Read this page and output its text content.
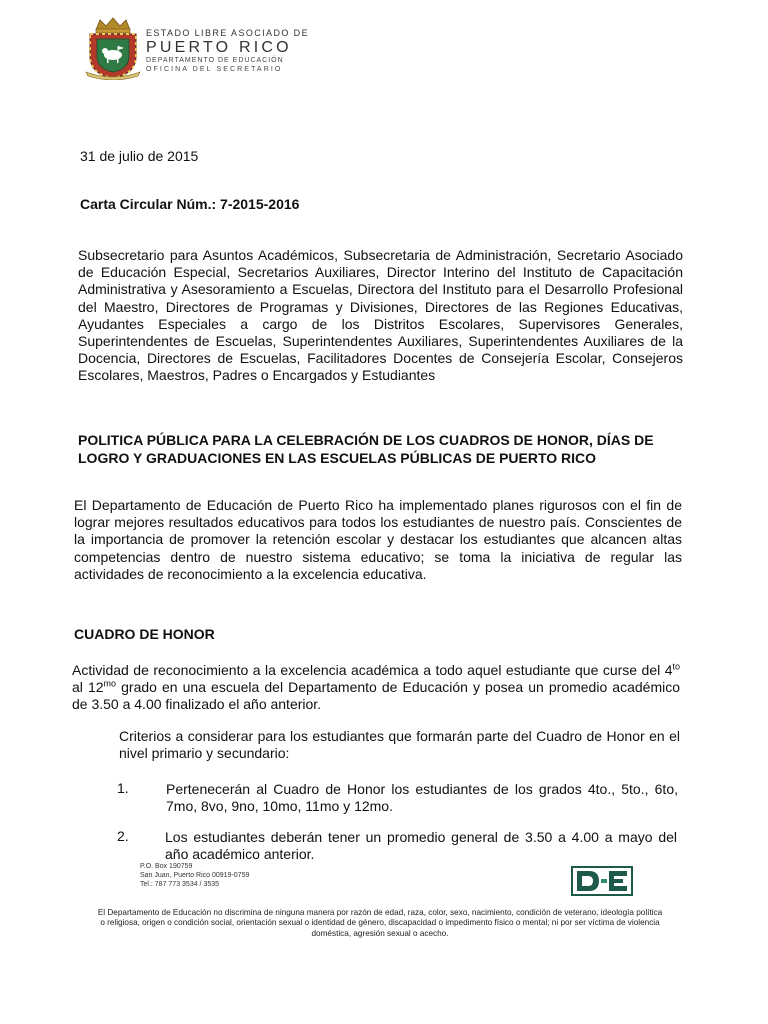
ESTADO LIBRE ASOCIADO DE
PUERTO RICO
DEPARTAMENTO DE EDUCACIÓN
OFICINA DEL SECRETARIO
31 de julio de 2015
Carta Circular Núm.: 7-2015-2016
Subsecretario para Asuntos Académicos, Subsecretaria de Administración, Secretario Asociado de Educación Especial, Secretarios Auxiliares, Director Interino del Instituto de Capacitación Administrativa y Asesoramiento a Escuelas, Directora del Instituto para el Desarrollo Profesional del Maestro, Directores de Programas y Divisiones, Directores de las Regiones Educativas, Ayudantes Especiales a cargo de los Distritos Escolares, Supervisores Generales, Superintendentes de Escuelas, Superintendentes Auxiliares, Superintendentes Auxiliares de la Docencia, Directores de Escuelas, Facilitadores Docentes de Consejería Escolar, Consejeros Escolares, Maestros, Padres o Encargados y Estudiantes
POLITICA PÚBLICA PARA LA CELEBRACIÓN DE LOS CUADROS DE HONOR, DÍAS DE LOGRO Y GRADUACIONES EN LAS ESCUELAS PÚBLICAS DE PUERTO RICO
El Departamento de Educación de Puerto Rico ha implementado planes rigurosos con el fin de lograr mejores resultados educativos para todos los estudiantes de nuestro país. Conscientes de la importancia de promover la retención escolar y destacar los estudiantes que alcancen altas competencias dentro de nuestro sistema educativo; se toma la iniciativa de regular las actividades de reconocimiento a la excelencia educativa.
CUADRO DE HONOR
Actividad de reconocimiento a la excelencia académica a todo aquel estudiante que curse del $4^{to}$ al $12^{mo}$ grado en una escuela del Departamento de Educación y posea un promedio académico de 3.50 a 4.00 finalizado el año anterior.
Criterios a considerar para los estudiantes que formarán parte del Cuadro de Honor en el nivel primario y secundario:
1.	Pertenecerán al Cuadro de Honor los estudiantes de los grados 4to., 5to., 6to, 7mo, 8vo, 9no, 10mo, 11mo y 12mo.
2.	Los estudiantes deberán tener un promedio general de 3.50 a 4.00 a mayo del año académico anterior.
P.O. Box 190759
San Juan, Puerto Rico 00919-0759
Tel.: 787 773 3534 / 3535
El Departamento de Educación no discrimina de ninguna manera por razón de edad, raza, color, sexo, nacimiento, condición de veterano, ideología política o religiosa, origen o condición social, orientación sexual o identidad de género, discapacidad o impedimento físico o mental; ni por ser víctima de violencia doméstica, agresión sexual o acecho.
